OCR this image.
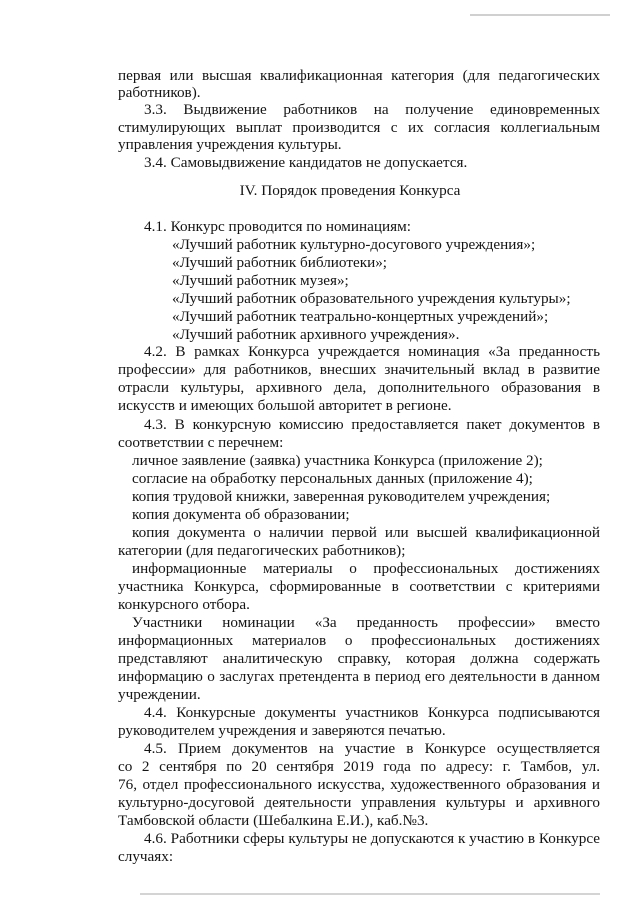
первая или высшая квалификационная категория (для педагогических
работников).
3.3. Выдвижение работников на получение единовременных
стимулирующих выплат производится с их согласия коллегиальным
управления учреждения культуры.
3.4. Самовыдвижение кандидатов не допускается.
IV. Порядок проведения Конкурса
4.1. Конкурс проводится по номинациям:
«Лучший работник культурно-досугового учреждения»;
«Лучший работник библиотеки»;
«Лучший работник музея»;
«Лучший работник образовательного учреждения культуры»;
«Лучший работник театрально-концертных учреждений»;
«Лучший работник архивного учреждения».
4.2. В рамках Конкурса учреждается номинация «За преданность
профессии» для работников, внесших значительный вклад в развитие
отрасли культуры, архивного дела, дополнительного образования в
искусств и имеющих большой авторитет в регионе.
4.3. В конкурсную комиссию предоставляется пакет документов в
соответствии с перечнем:
личное заявление (заявка) участника Конкурса (приложение 2);
согласие на обработку персональных данных (приложение 4);
копия трудовой книжки, заверенная руководителем учреждения;
копия документа об образовании;
копия документа о наличии первой или высшей квалификационной
категории (для педагогических работников);
информационные материалы о профессиональных достижениях
участника Конкурса, сформированные в соответствии с критериями
конкурсного отбора.
Участники номинации «За преданность профессии» вместо
информационных материалов о профессиональных достижениях
представляют аналитическую справку, которая должна содержать
информацию о заслугах претендента в период его деятельности в данном
учреждении.
4.4. Конкурсные документы участников Конкурса подписываются
руководителем учреждения и заверяются печатью.
4.5. Прием документов на участие в Конкурсе осуществляется
со 2 сентября по 20 сентября 2019 года по адресу: г. Тамбов, ул.
76, отдел профессионального искусства, художественного образования и
культурно-досуговой деятельности управления культуры и архивного
Тамбовской области (Шебалкина Е.И.), каб.№3.
4.6. Работники сферы культуры не допускаются к участию в Конкурсе
случаях:
